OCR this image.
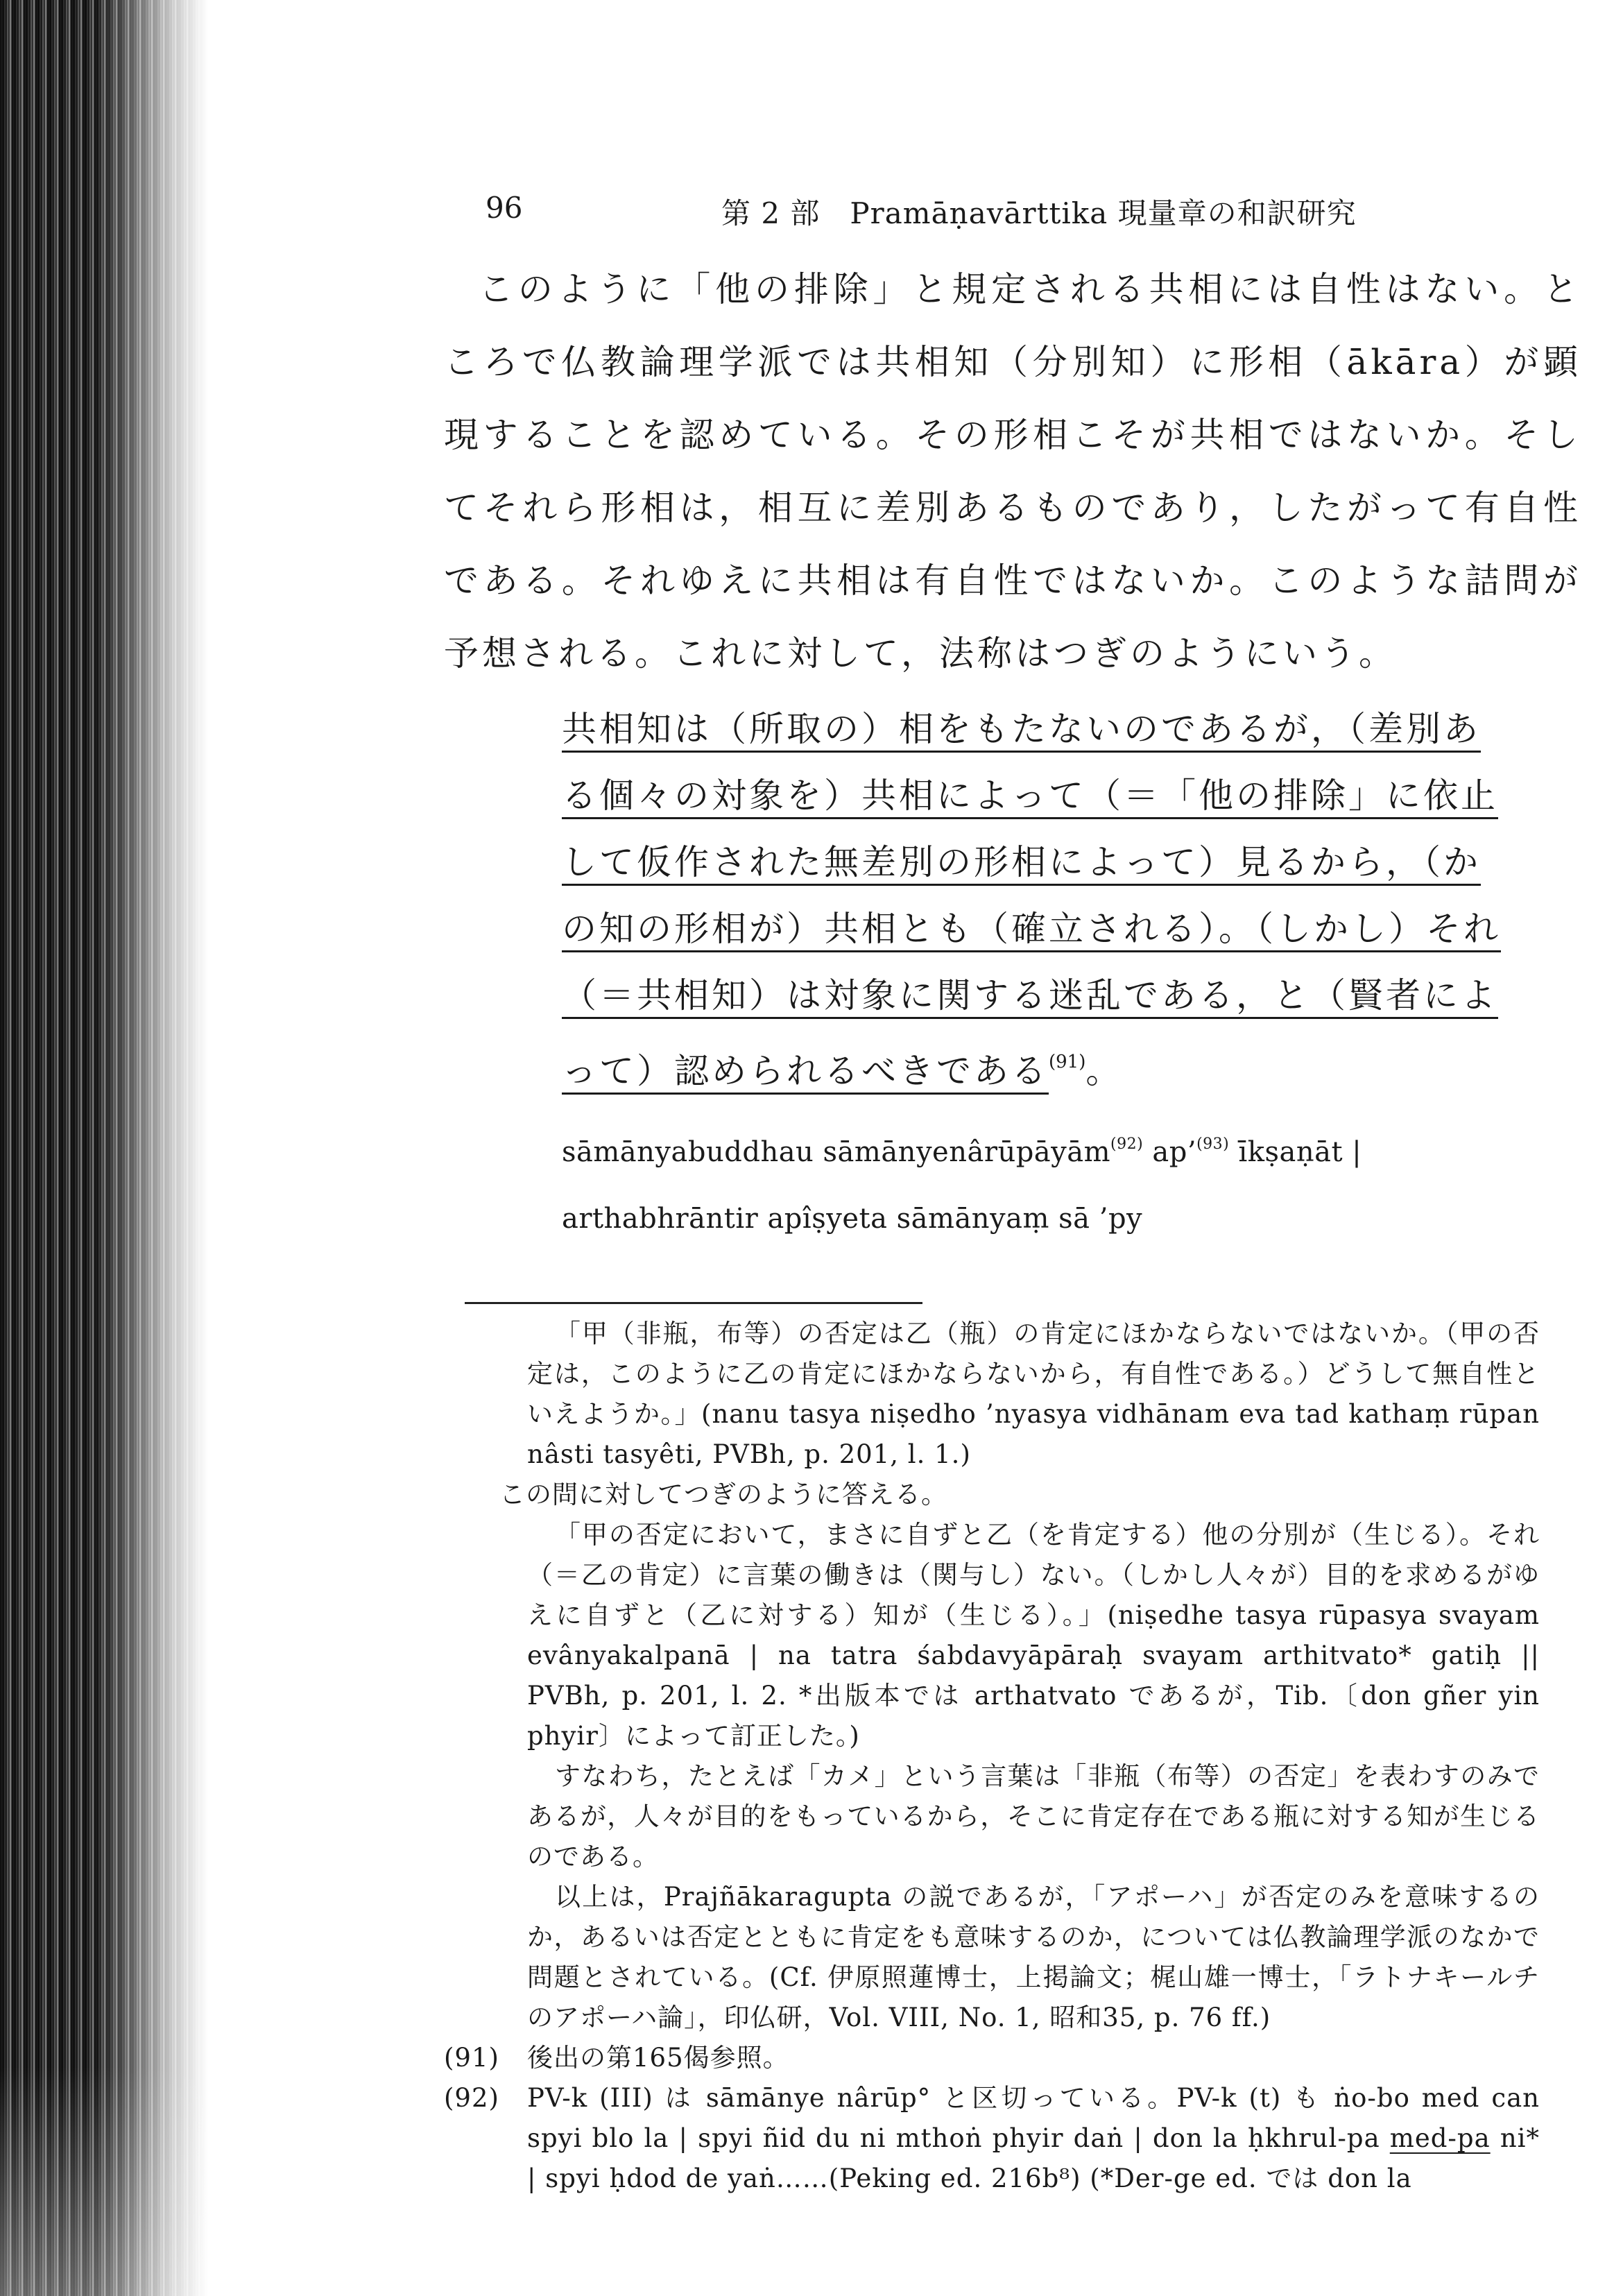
96	第 2 部　Pramāṇavārttika 現量章の和訳研究

このように「他の排除」と規定される共相には自性はない。ところで仏教論理学派では共相知（分別知）に形相（ākāra）が顕現することを認めている。その形相こそが共相ではないか。そしてそれら形相は，相互に差別あるものであり，したがって有自性である。それゆえに共相は有自性ではないか。このような詰問が予想される。これに対して，法称はつぎのようにいう。

共相知は（所取の）相をもたないのであるが，（差別ある個々の対象を）共相によって（＝「他の排除」に依止して仮作された無差別の形相によって）見るから，（かの知の形相が）共相とも（確立される）。（しかし）それ（＝共相知）は対象に関する迷乱である，と（賢者によって）認められるべきである$^{(91)}$。
sāmānyabuddhau sāmānyenârūpāyām$^{(92)}$ ap’$^{(93)}$ īkṣaṇāt |
arthabhrāntir apîṣyeta sāmānyaṃ sā ’py

「甲（非瓶，布等）の否定は乙（瓶）の肯定にほかならないではないか。（甲の否定は，このように乙の肯定にほかならないから，有自性である。）どうして無自性といえようか。」(nanu tasya niṣedho ’nyasya vidhānam eva tad kathaṃ rūpan nâsti tasyêti, PVBh, p. 201, l. 1.)

この問に対してつぎのように答える。

「甲の否定において，まさに自ずと乙（を肯定する）他の分別が（生じる）。それ（＝乙の肯定）に言葉の働きは（関与し）ない。（しかし人々が）目的を求めるがゆえに自ずと（乙に対する）知が（生じる）。」(niṣedhe tasya rūpasya svayam evânyakalpanā | na tatra śabdavyāpāraḥ svayam arthitvato* gatiḥ || PVBh, p. 201, l. 2. *出版本では arthatvato であるが，Tib.〔don gñer yin phyir〕によって訂正した。)

すなわち，たとえば「カメ」という言葉は「非瓶（布等）の否定」を表わすのみであるが，人々が目的をもっているから，そこに肯定存在である瓶に対する知が生じるのである。

以上は，Prajñākaragupta の説であるが，「アポーハ」が否定のみを意味するのか，あるいは否定とともに肯定をも意味するのか，については仏教論理学派のなかで問題とされている。(Cf. 伊原照蓮博士，上掲論文；梶山雄一博士，「ラトナキールチのアポーハ論」，印仏研，Vol. VIII, No. 1, 昭和35, p. 76 ff.)

(91)	後出の第165偈参照。
(92)	PV-k (III) は sāmānye nârūp° と区切っている。PV-k (t) も ṅo-bo med can spyi blo la | spyi ñid du ni mthoṅ phyir daṅ | don la ḥkhrul-pa med-pa ni* | spyi ḥdod de yaṅ……(Peking ed. 216b⁸) (*Der-ge ed. では don la
